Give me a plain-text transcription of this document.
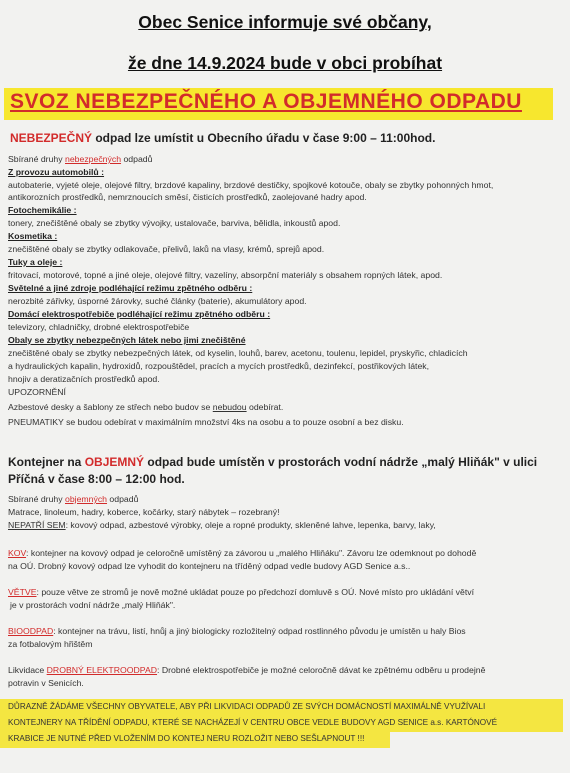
Obec Senice informuje své občany,
že dne 14.9.2024 bude v obci probíhat
SVOZ NEBEZPEČNÉHO A OBJEMNÉHO ODPADU
NEBEZPEČNÝ odpad lze umístit u Obecního úřadu v čase 9:00 – 11:00hod.
Sbírané druhy nebezpečných odpadů
Z provozu automobilů :
autobaterie, vyjeté oleje, olejové filtry, brzdové kapaliny, brzdové destičky, spojkové kotouče, obaly se zbytky pohonných hmot,
antikorozních prostředků, nemrznoucích směsí, čisticích prostředků, zaolejované hadry apod.
Fotochemikálie :
tonery, znečištěné obaly se zbytky vývojky, ustalovače, barviva, bělidla, inkoustů apod.
Kosmetika :
znečištěné obaly se zbytky odlakovače, přelivů, laků na vlasy, krémů, sprejů apod.
Tuky a oleje :
fritovací, motorové, topné a jiné oleje, olejové filtry, vazelíny, absorpční materiály s obsahem ropných látek, apod.
Světelné a jiné zdroje podléhající režimu zpětného odběru :
nerozbité zářivky, úsporné žárovky, suché články (baterie), akumulátory apod.
Domácí elektrospotřebiče podléhající režimu zpětného odběru :
televizory, chladničky, drobné elektrospotřebiče
Obaly se zbytky nebezpečných látek nebo jimi znečištěné
znečištěné obaly se zbytky nebezpečných látek, od kyselin, louhů, barev, acetonu, toulenu, lepidel, pryskyřic, chladicích
a hydraulických kapalin, hydroxidů, rozpouštědel, pracích a mycích prostředků, dezinfekcí, postřikových látek,
hnojiv a deratizačních prostředků apod.
UPOZORNĚNÍ
Azbestové desky a šablony ze střech nebo budov se nebudou odebírat.
PNEUMATIKY se budou odebírat v maximálním množství 4ks na osobu a to pouze osobní a bez disku.
Kontejner na OBJEMNÝ odpad bude umístěn v prostorách vodní nádrže „malý Hliňák" v ulici
Příčná v čase 8:00 – 12:00 hod.
Sbírané druhy objemných odpadů
Matrace, linoleum, hadry, koberce, kočárky, starý nábytek – rozebraný!
NEPATŘÍ SEM: kovový odpad, azbestové výrobky, oleje a ropné produkty, skleněné lahve, lepenka, barvy, laky,
KOV: kontejner na kovový odpad je celoročně umístěný za závorou u „malého Hliňáku". Závoru lze odemknout po dohodě
na OÚ. Drobný kovový odpad lze vyhodit do kontejneru na tříděný odpad vedle budovy AGD Senice a.s..
VĚTVE: pouze větve ze stromů je nově možné ukládat pouze po předchozí domluvě s OÚ. Nové místo pro ukládání větví
je v prostorách vodní nádrže „malý Hliňák".
BIOODPAD: kontejner na trávu, listí, hnůj a jiný biologicky rozložitelný odpad rostlinného původu je umístěn u haly Bios
za fotbalovým hřištěm
Likvidace DROBNÝ ELEKTROODPAD: Drobné elektrospotřebiče je možné celoročně dávat ke zpětnému odběru u prodejně
potravin v Senicích.
DŮRAZNĚ ŽÁDÁME VŠECHNY OBYVATELE, ABY PŘI LIKVIDACI ODPADŮ ZE SVÝCH DOMÁCNOSTÍ MAXIMÁLNĚ VYUŽÍVALI
KONTEJNERY NA TŘÍDĚNÍ ODPADU, KTERÉ SE NACHÁZEJÍ V CENTRU OBCE VEDLE BUDOVY AGD SENICE a.s. KARTÓNOVÉ
KRABICE JE NUTNÉ PŘED VLOŽENÍM DO KONTEJ NERU ROZLOŽIT NEBO SEŠLAPNOUT !!!
